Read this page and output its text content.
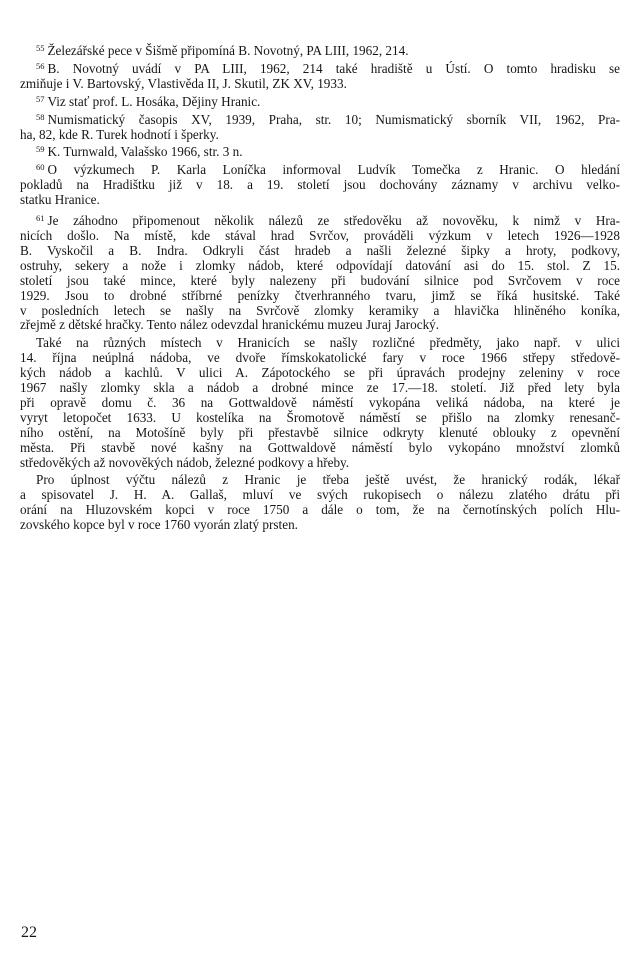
$^{55}$ Železářské pece v Šišmě připomíná B. Novotný, PA LIII, 1962, 214.
$^{56}$ B. Novotný uvádí v PA LIII, 1962, 214 také hradiště u Ústí. O tomto hradisku se
zmiňuje i V. Bartovský, Vlastivěda II, J. Skutil, ZK XV, 1933.
$^{57}$ Viz stať prof. L. Hosáka, Dějiny Hranic.
$^{58}$ Numismatický časopis XV, 1939, Praha, str. 10; Numismatický sborník VII, 1962, Pra-
ha, 82, kde R. Turek hodnotí i šperky.
$^{59}$ K. Turnwald, Valašsko 1966, str. 3 n.
$^{60}$ O výzkumech P. Karla Loníčka informoval Ludvík Tomečka z Hranic. O hledání
pokladů na Hradištku již v 18. a 19. století jsou dochovány záznamy v archivu velko-
statku Hranice.
$^{61}$ Je záhodno připomenout několik nálezů ze středověku až novověku, k nimž v Hra-
nicích došlo. Na místě, kde stával hrad Svrčov, prováděli výzkum v letech 1926—1928
B. Vyskočil a B. Indra. Odkryli část hradeb a našli železné šipky a hroty, podkovy,
ostruhy, sekery a nože i zlomky nádob, které odpovídají datování asi do 15. stol. Z 15.
století jsou také mince, které byly nalezeny při budování silnice pod Svrčovem v roce
1929. Jsou to drobné stříbrné penízky čtverhranného tvaru, jimž se říká husitské. Také
v posledních letech se našly na Svrčově zlomky keramiky a hlavička hliněného koníka,
zřejmě z dětské hračky. Tento nález odevzdal hranickému muzeu Juraj Jarocký.
Také na různých místech v Hranicích se našly rozličné předměty, jako např. v ulici
14. října neúplná nádoba, ve dvoře římskokatolické fary v roce 1966 střepy středově-
kých nádob a kachlů. V ulici A. Zápotockého se při úpravách prodejny zeleniny v roce
1967 našly zlomky skla a nádob a drobné mince ze 17.—18. století. Již před lety byla
při opravě domu č. 36 na Gottwaldově náměstí vykopána veliká nádoba, na které je
vyryt letopočet 1633. U kostelíka na Šromotově náměstí se přišlo na zlomky renesanč-
ního ostění, na Motošíně byly při přestavbě silnice odkryty klenuté oblouky z opevnění
města. Při stavbě nové kašny na Gottwaldově náměstí bylo vykopáno množství zlomků
středověkých až novověkých nádob, železné podkovy a hřeby.
Pro úplnost výčtu nálezů z Hranic je třeba ještě uvést, že hranický rodák, lékař
a spisovatel J. H. A. Gallaš, mluví ve svých rukopisech o nálezu zlatého drátu při
orání na Hluzovském kopci v roce 1750 a dále o tom, že na černotínských polích Hlu-
zovského kopce byl v roce 1760 vyorán zlatý prsten.
22
